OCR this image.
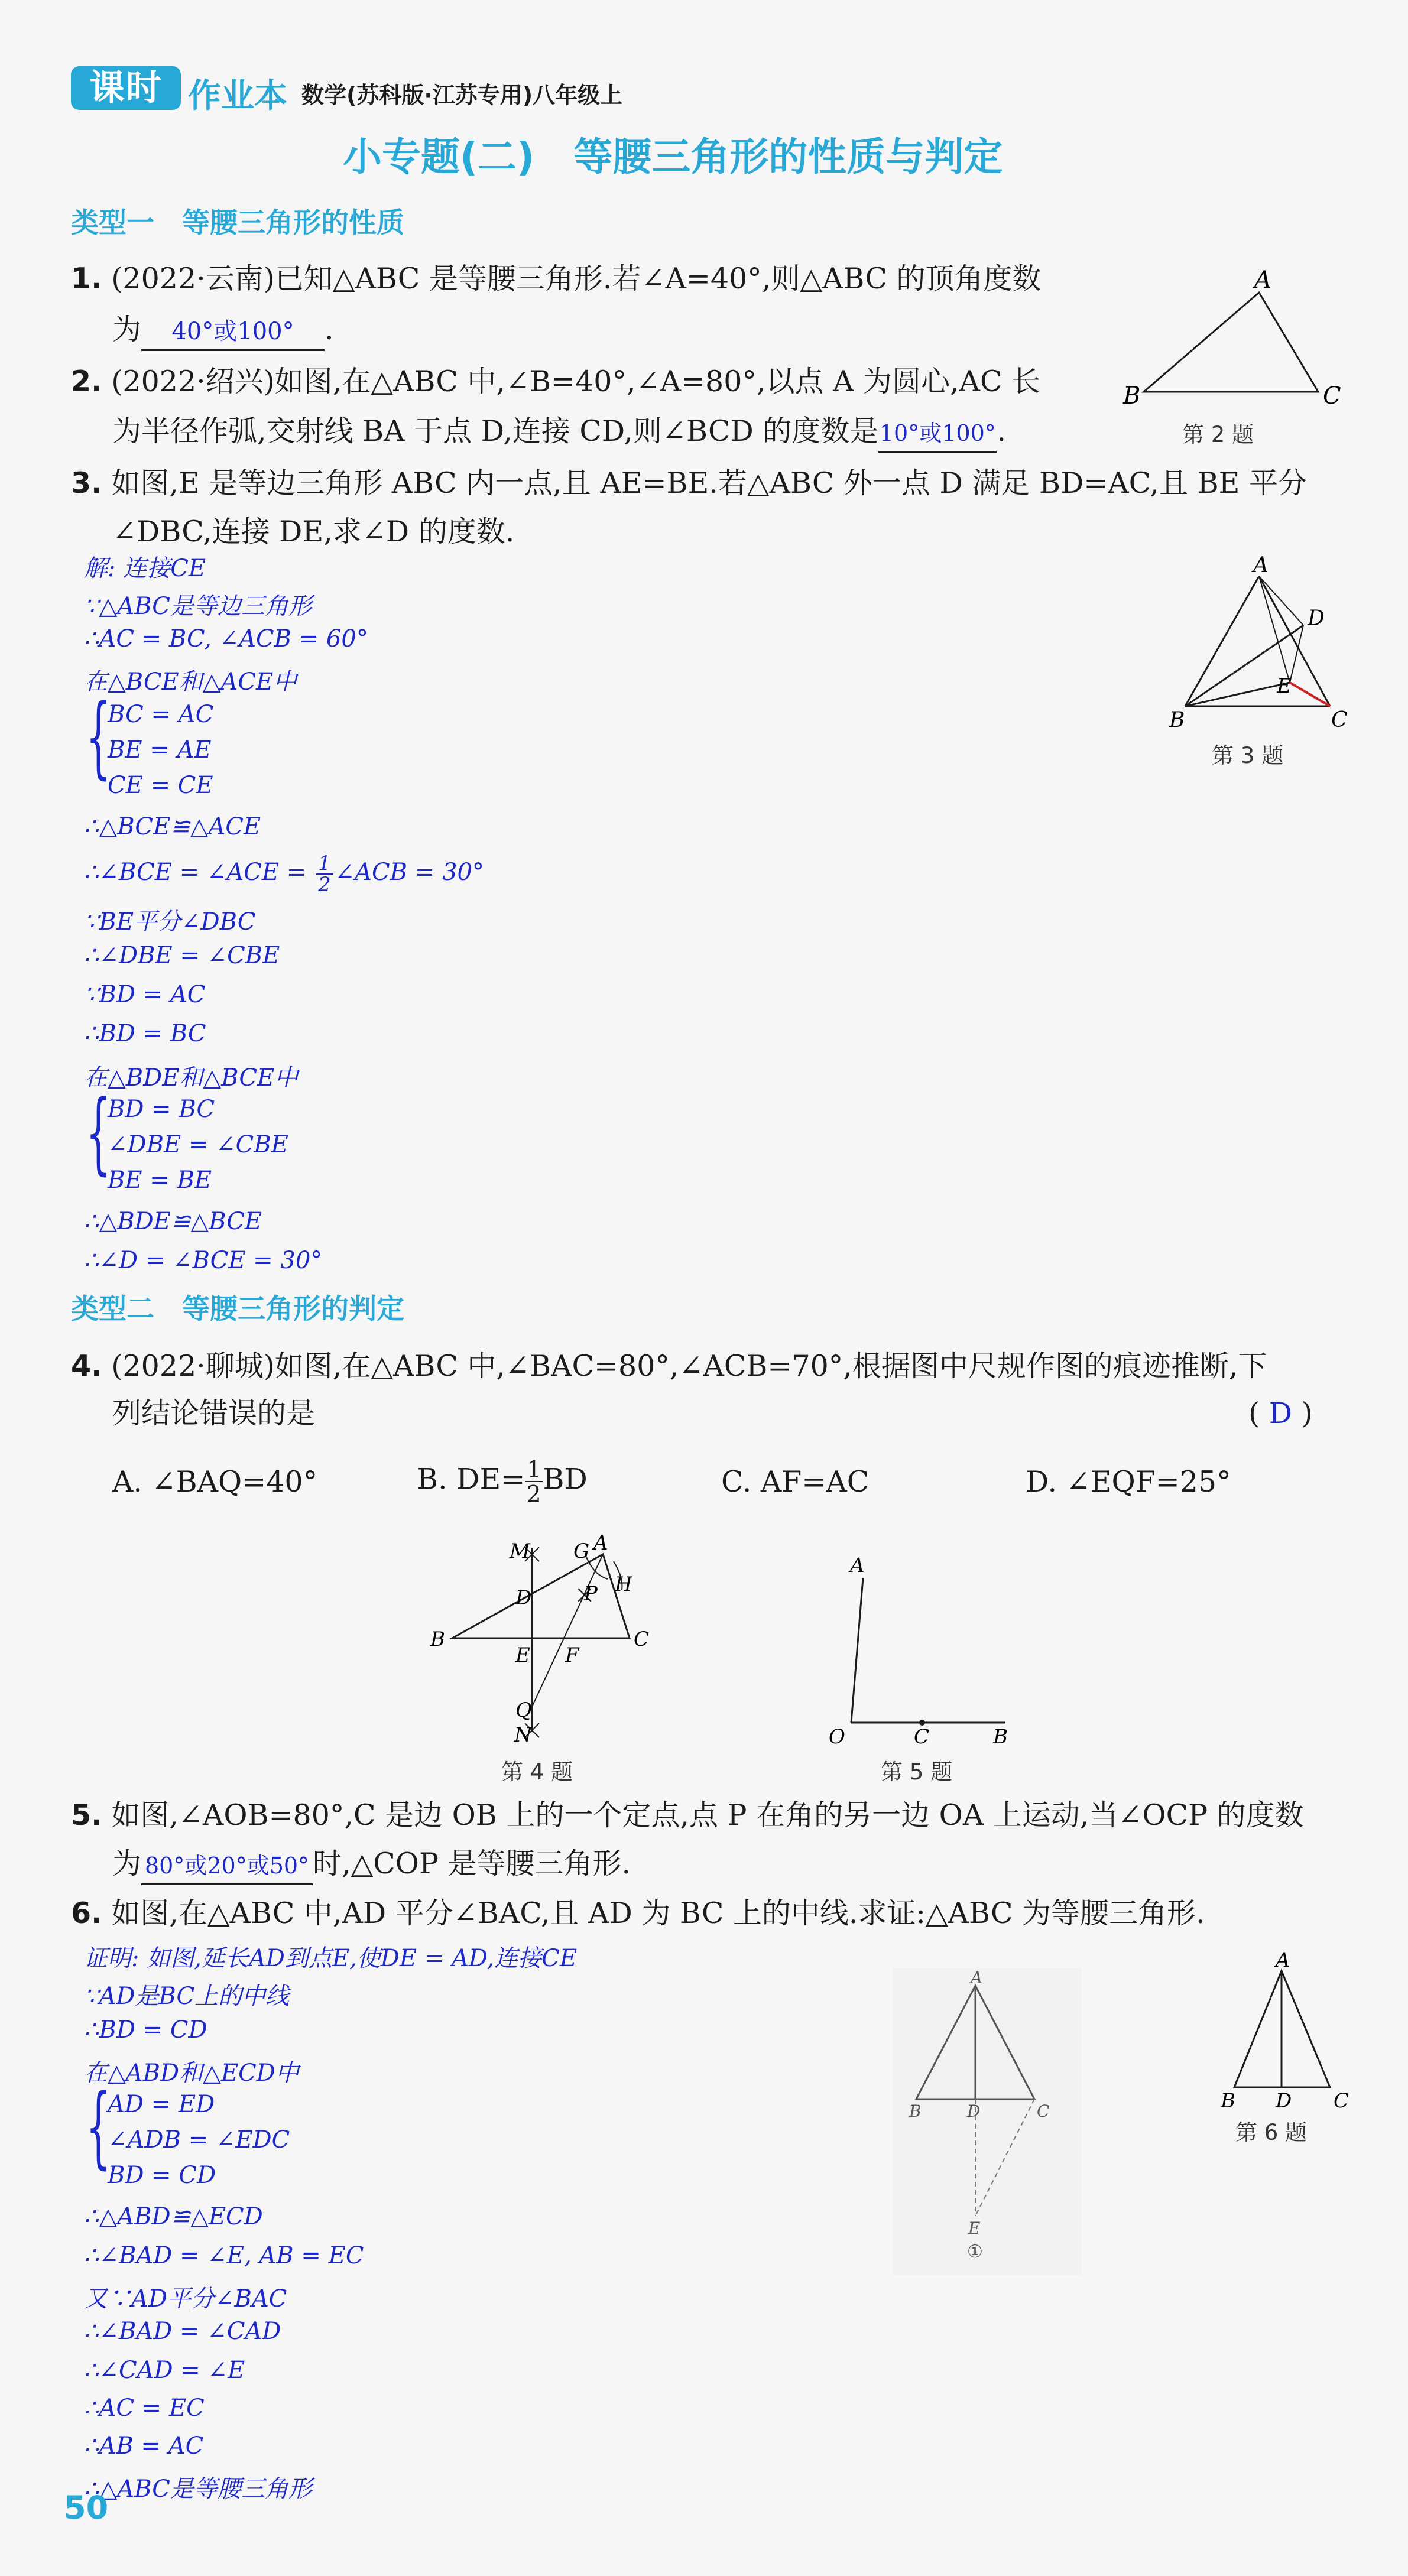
课时 作业本 数学(苏科版·江苏专用)八年级上
小专题(二)　等腰三角形的性质与判定
类型一　等腰三角形的性质
1. (2022·云南)已知△ABC 是等腰三角形.若∠A=40°,则△ABC 的顶角度数
为 40°或100° .
2. (2022·绍兴)如图,在△ABC 中,∠B=40°,∠A=80°,以点 A 为圆心,AC 长
为半径作弧,交射线 BA 于点 D,连接 CD,则∠BCD 的度数是10°或100°.
A
B	C
第 2 题
3. 如图,E 是等边三角形 ABC 内一点,且 AE=BE.若△ABC 外一点 D 满足 BD=AC,且 BE 平分
∠DBC,连接 DE,求∠D 的度数.
解: 连接CE
∵△ABC是等边三角形
∴AC = BC, ∠ACB = 60°
在△BCE和△ACE中
{
BC = AC
BE = AE
CE = CE
∴△BCE≌△ACE
∴∠BCE = ∠ACE = $\frac{1}{2}$ ∠ACB = 30°
∵BE平分∠DBC
∴∠DBE = ∠CBE
∵BD = AC
∴BD = BC
在△BDE和△BCE中
{
BD = BC
∠DBE = ∠CBE
BE = BE
∴△BDE≌△BCE
∴∠D = ∠BCE = 30°
A
D
E
B	C
第 3 题
类型二　等腰三角形的判定
4. (2022·聊城)如图,在△ABC 中,∠BAC=80°,∠ACB=70°,根据图中尺规作图的痕迹推断,下
列结论错误的是	( D )
A. ∠BAQ=40°	B. $DE= \frac{1}{2}$ BD	C. AF=AC	D. ∠EQF=25°
M G A
H
P
D
B	C
E F
Q
N
第 4 题
A
O	C	B
第 5 题
5. 如图,∠AOB=80°,C 是边 OB 上的一个定点,点 P 在角的另一边 OA 上运动,当∠OCP 的度数
为 80°或20°或50° 时,△COP 是等腰三角形.
6. 如图,在△ABC 中,AD 平分∠BAC,且 AD 为 BC 上的中线.求证:△ABC 为等腰三角形.
证明: 如图,延长AD到点E,使DE = AD,连接CE
∵AD是BC上的中线
∴BD = CD
在△ABD和△ECD中
{
AD = ED
∠ADB = ∠EDC
BD = CD
∴△ABD≌△ECD
∴∠BAD = ∠E, AB = EC
又∵AD平分∠BAC
∴∠BAD = ∠CAD
∴∠CAD = ∠E
∴AC = EC
∴AB = AC
∴△ABC是等腰三角形
A
B	D	C
E
①
A
B D C
第 6 题
50
